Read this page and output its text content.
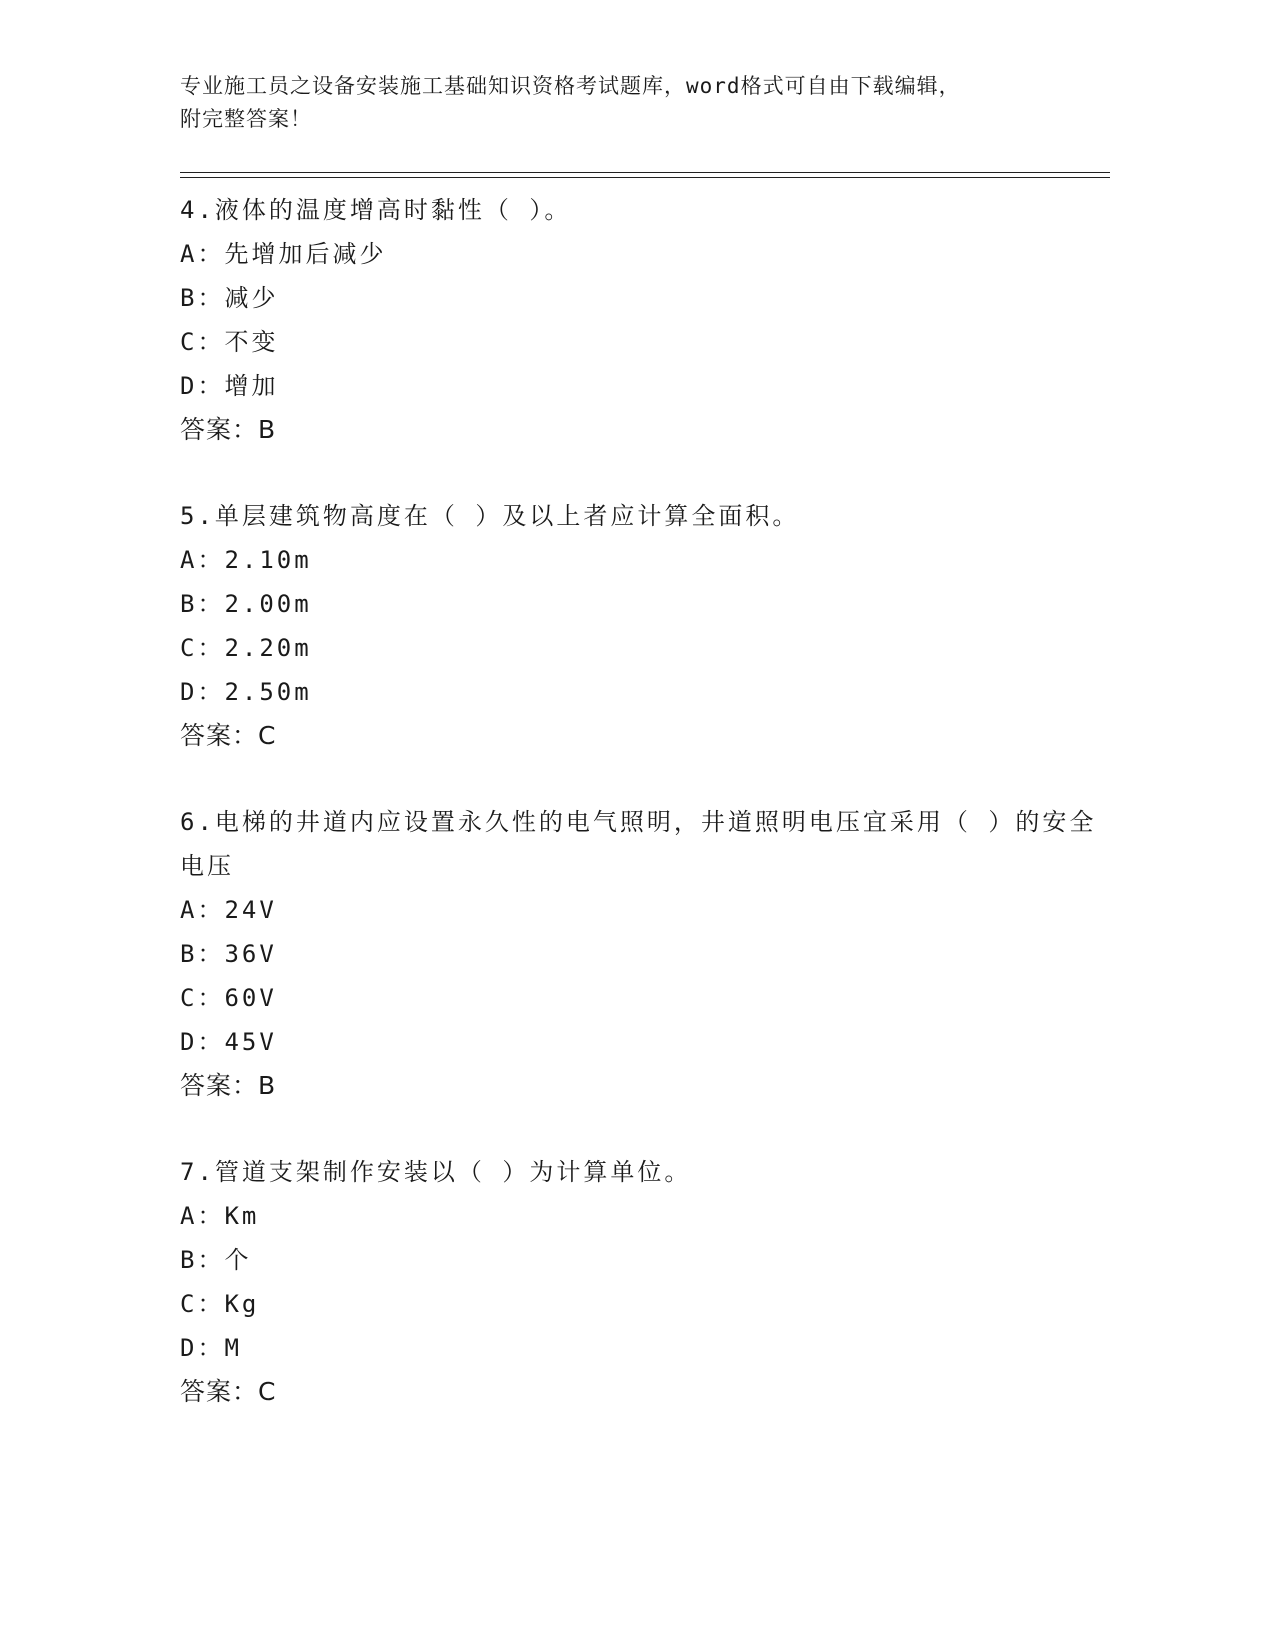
专业施工员之设备安装施工基础知识资格考试题库，word格式可自由下载编辑，
附完整答案！

4.液体的温度增高时黏性（ ）。

A：先增加后减少

B：减少

C：不变

D：增加

答案：B

5.单层建筑物高度在（ ）及以上者应计算全面积。

A：2.10m

B：2.00m

C：2.20m

D：2.50m

答案：C

6.电梯的井道内应设置永久性的电气照明，井道照明电压宜采用（ ）的安全电压

A：24V

B：36V

C：60V

D：45V

答案：B

7.管道支架制作安装以（ ）为计算单位。

A：Km

B：个

C：Kg

D：M

答案：C
